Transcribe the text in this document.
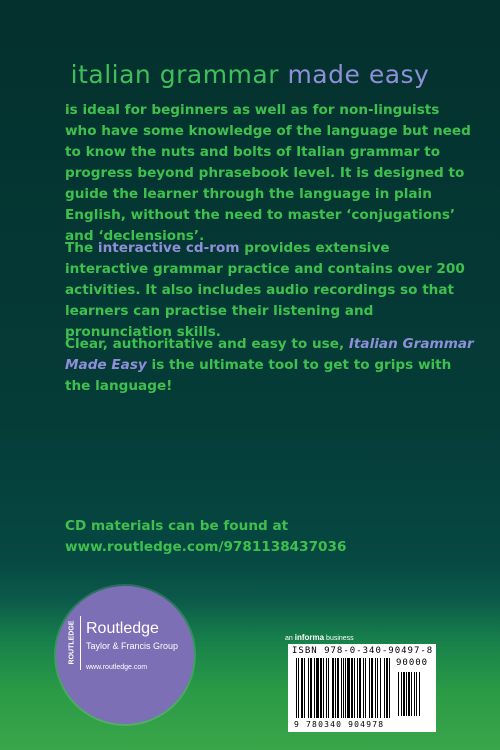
italian grammar made easy
is ideal for beginners as well as for non-linguists who have some knowledge of the language but need to know the nuts and bolts of Italian grammar to progress beyond phrasebook level. It is designed to guide the learner through the language in plain English, without the need to master ‘conjugations’ and ‘declensions’.
The interactive cd-rom provides extensive interactive grammar practice and contains over 200 activities. It also includes audio recordings so that learners can practise their listening and pronunciation skills.
Clear, authoritative and easy to use, Italian Grammar Made Easy is the ultimate tool to get to grips with the language!
CD materials can be found at
www.routledge.com/9781138437036
ROUTLEDGE Routledge
Taylor & Francis Group
www.routledge.com
an informa business
ISBN 978-0-340-90497-8
90000
9 780340 904978
